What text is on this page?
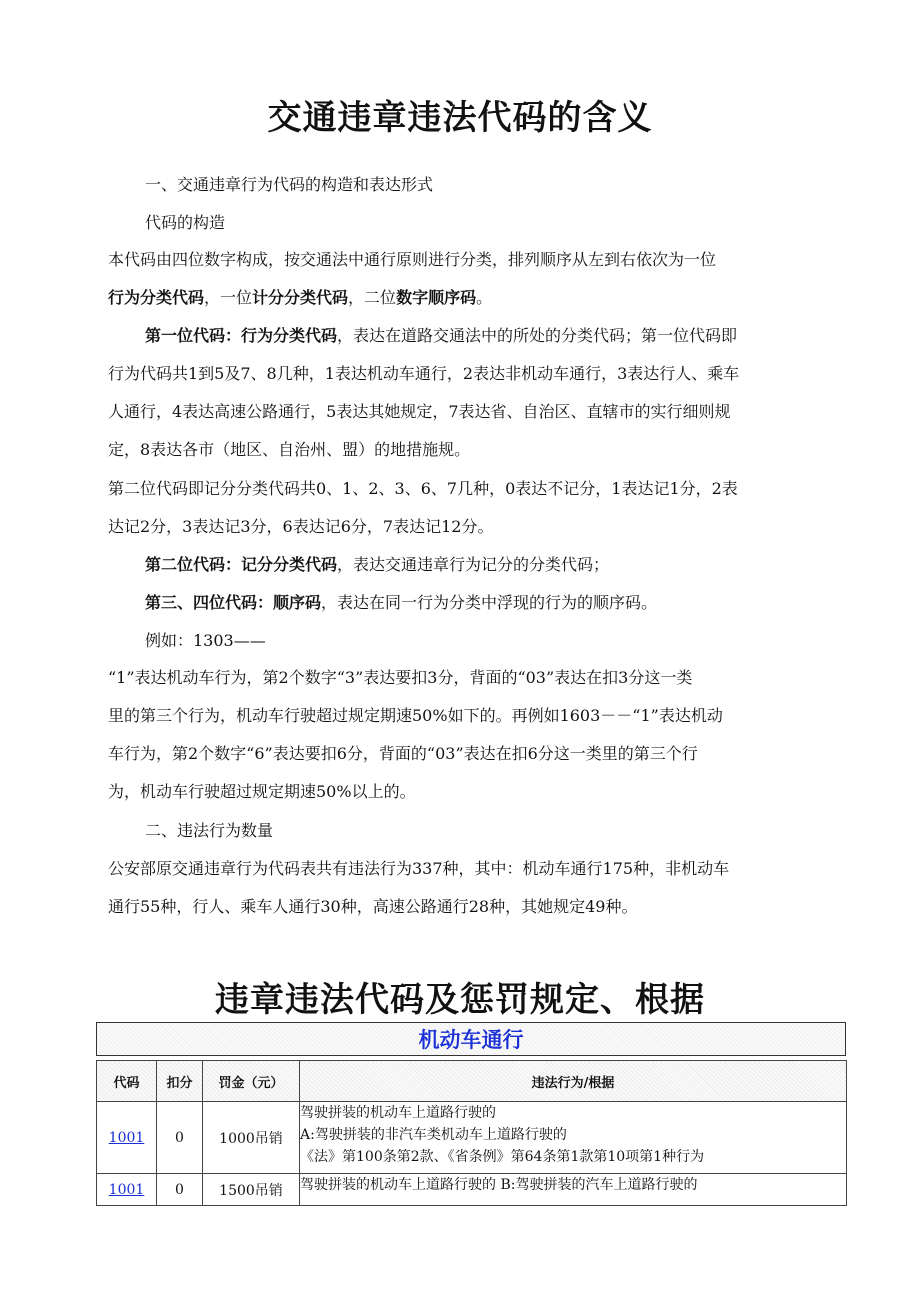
交通违章违法代码的含义
一、交通违章行为代码的构造和表达形式
代码的构造
本代码由四位数字构成，按交通法中通行原则进行分类，排列顺序从左到右依次为一位
行为分类代码，一位计分分类代码，二位数字顺序码。
第一位代码：行为分类代码，表达在道路交通法中的所处的分类代码；第一位代码即
行为代码共1到5及7、8几种，1表达机动车通行，2表达非机动车通行，3表达行人、乘车
人通行，4表达高速公路通行，5表达其她规定，7表达省、自治区、直辖市的实行细则规
定，8表达各市（地区、自治州、盟）的地措施规。
第二位代码即记分分类代码共0、1、2、3、6、7几种，0表达不记分，1表达记1分，2表
达记2分，3表达记3分，6表达记6分，7表达记12分。
第二位代码：记分分类代码，表达交通违章行为记分的分类代码；
第三、四位代码：顺序码，表达在同一行为分类中浮现的行为的顺序码。
例如：1303——
“1”表达机动车行为，第2个数字“3”表达要扣3分，背面的“03”表达在扣3分这一类
里的第三个行为，机动车行驶超过规定期速50%如下的。再例如1603－－“1”表达机动
车行为，第2个数字“6”表达要扣6分，背面的“03”表达在扣6分这一类里的第三个行
为，机动车行驶超过规定期速50%以上的。
二、违法行为数量
公安部原交通违章行为代码表共有违法行为337种，其中：机动车通行175种，非机动车
通行55种，行人、乘车人通行30种，高速公路通行28种，其她规定49种。
违章违法代码及惩罚规定、根据
机动车通行
代码	扣分	罚金（元）	违法行为/根据
1001	0	1000吊销	驾驶拼装的机动车上道路行驶的
A:驾驶拼装的非汽车类机动车上道路行驶的
《法》第100条第2款、《省条例》第64条第1款第10项第1种行为

1001	0	1500吊销	驾驶拼装的机动车上道路行驶的 B:驾驶拼装的汽车上道路行驶的
